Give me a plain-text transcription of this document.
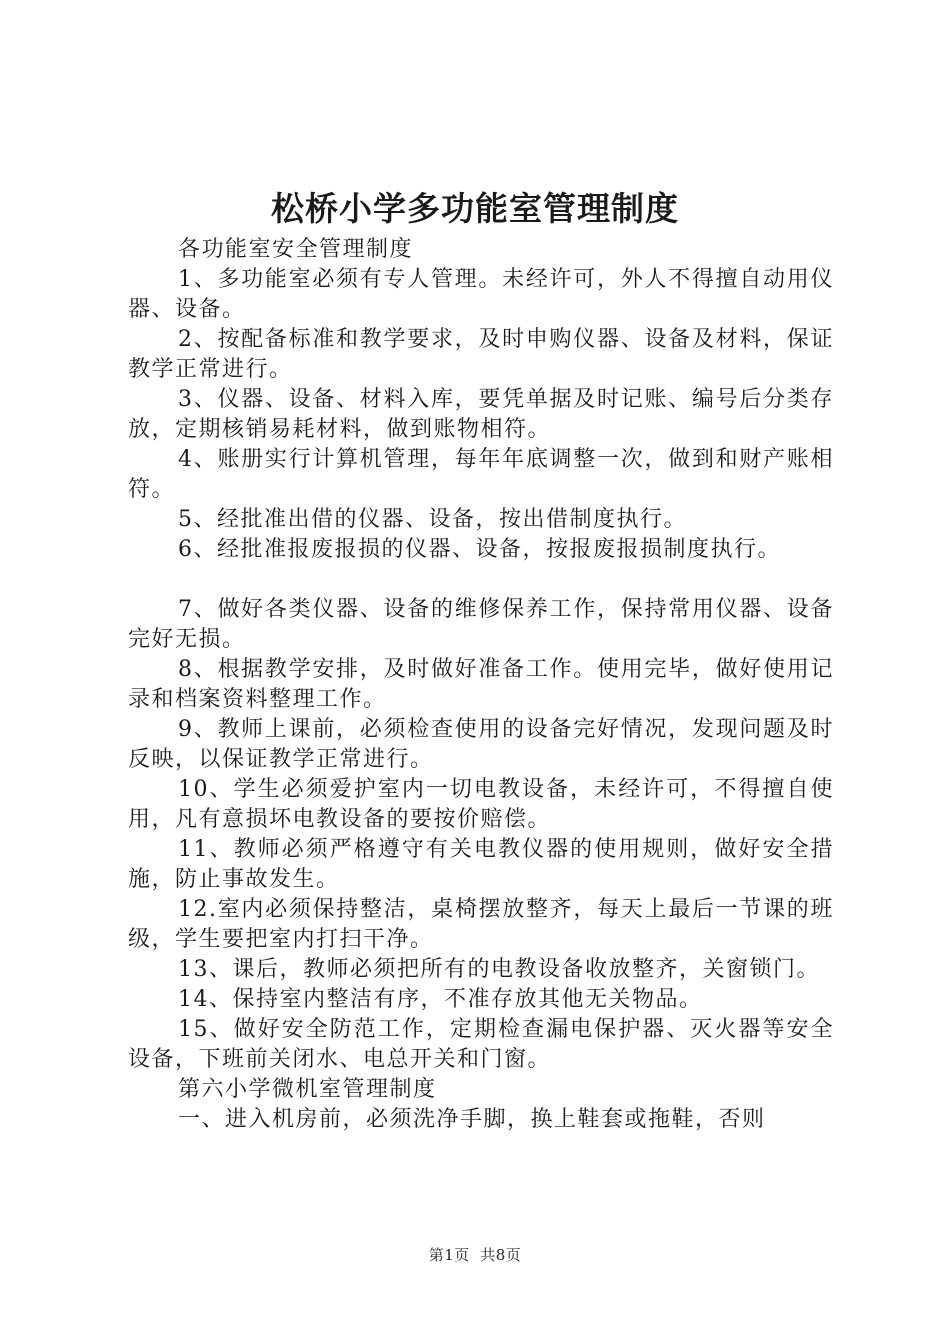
松桥小学多功能室管理制度

各功能室安全管理制度

1、多功能室必须有专人管理。未经许可，外人不得擅自动用仪器、设备。

2、按配备标准和教学要求，及时申购仪器、设备及材料，保证教学正常进行。

3、仪器、设备、材料入库，要凭单据及时记账、编号后分类存放，定期核销易耗材料，做到账物相符。

4、账册实行计算机管理，每年年底调整一次，做到和财产账相符。

5、经批准出借的仪器、设备，按出借制度执行。

6、经批准报废报损的仪器、设备，按报废报损制度执行。

7、做好各类仪器、设备的维修保养工作，保持常用仪器、设备完好无损。

8、根据教学安排，及时做好准备工作。使用完毕，做好使用记录和档案资料整理工作。

9、教师上课前，必须检查使用的设备完好情况，发现问题及时反映，以保证教学正常进行。

10、学生必须爱护室内一切电教设备，未经许可，不得擅自使用，凡有意损坏电教设备的要按价赔偿。

11、教师必须严格遵守有关电教仪器的使用规则，做好安全措施，防止事故发生。

12.室内必须保持整洁，桌椅摆放整齐，每天上最后一节课的班级，学生要把室内打扫干净。

13、课后，教师必须把所有的电教设备收放整齐，关窗锁门。

14、保持室内整洁有序，不准存放其他无关物品。

15、做好安全防范工作，定期检查漏电保护器、灭火器等安全设备，下班前关闭水、电总开关和门窗。

第六小学微机室管理制度

一、进入机房前，必须洗净手脚，换上鞋套或拖鞋，否则

第1页  共8页
